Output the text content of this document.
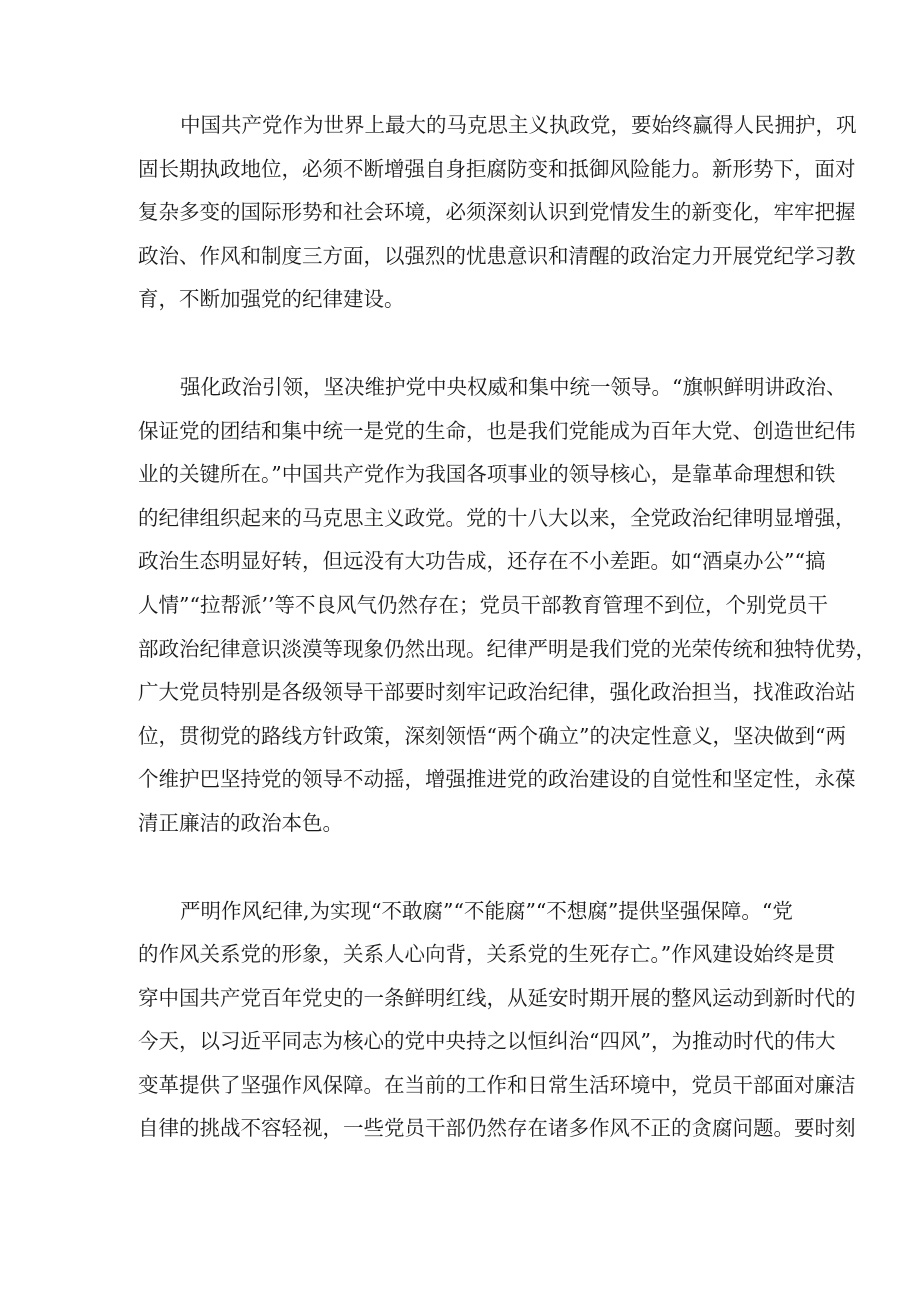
中国共产党作为世界上最大的马克思主义执政党，要始终赢得人民拥护，巩
固长期执政地位，必须不断增强自身拒腐防变和抵御风险能力。新形势下，面对
复杂多变的国际形势和社会环境，必须深刻认识到党情发生的新变化，牢牢把握
政治、作风和制度三方面，以强烈的忧患意识和清醒的政治定力开展党纪学习教
育，不断加强党的纪律建设。
强化政治引领，坚决维护党中央权威和集中统一领导。“旗帜鲜明讲政治、
保证党的团结和集中统一是党的生命，也是我们党能成为百年大党、创造世纪伟
业的关键所在。”中国共产党作为我国各项事业的领导核心，是靠革命理想和铁
的纪律组织起来的马克思主义政党。党的十八大以来，全党政治纪律明显增强，
政治生态明显好转，但远没有大功告成，还存在不小差距。如“酒桌办公”“搞
人情”“拉帮派’’等不良风气仍然存在；党员干部教育管理不到位，个别党员干
部政治纪律意识淡漠等现象仍然出现。纪律严明是我们党的光荣传统和独特优势，
广大党员特别是各级领导干部要时刻牢记政治纪律，强化政治担当，找准政治站
位，贯彻党的路线方针政策，深刻领悟“两个确立”的决定性意义，坚决做到“两
个维护巴坚持党的领导不动摇，增强推进党的政治建设的自觉性和坚定性，永葆
清正廉洁的政治本色。
严明作风纪律,为实现“不敢腐”“不能腐”“不想腐”提供坚强保障。“党
的作风关系党的形象，关系人心向背，关系党的生死存亡。”作风建设始终是贯
穿中国共产党百年党史的一条鲜明红线，从延安时期开展的整风运动到新时代的
今天，以习近平同志为核心的党中央持之以恒纠治“四风”，为推动时代的伟大
变革提供了坚强作风保障。在当前的工作和日常生活环境中，党员干部面对廉洁
自律的挑战不容轻视，一些党员干部仍然存在诸多作风不正的贪腐问题。要时刻
